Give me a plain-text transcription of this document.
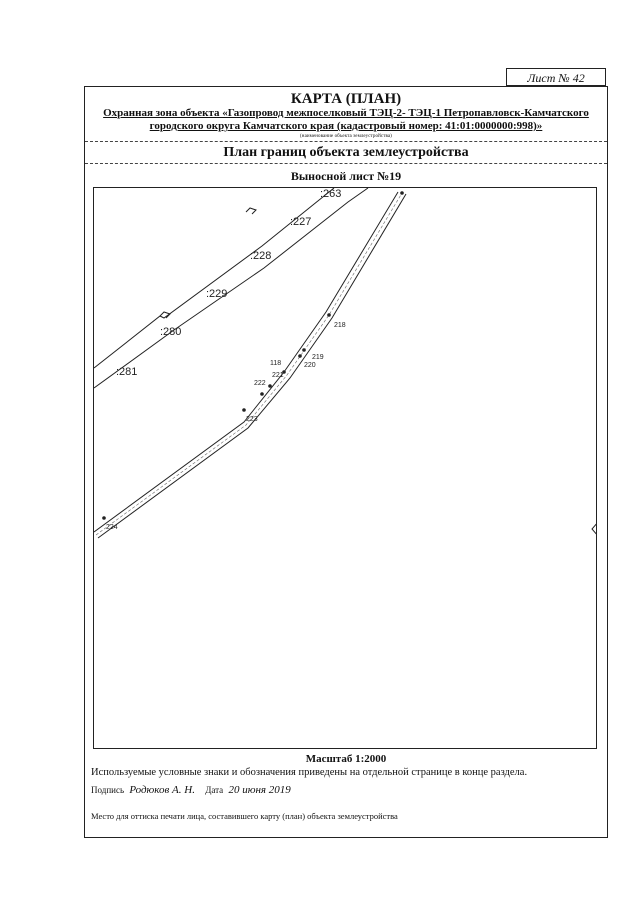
Лист № 42
КАРТА (ПЛАН)
Охранная зона объекта «Газопровод межпоселковый ТЭЦ-2- ТЭЦ-1 Петропавловск-Камчатского
городского округа Камчатского края (кадастровый номер: 41:01:0000000:998)»
(наименование объекта землеустройства)
План границ объекта землеустройства
Выносной лист №19
:263
:227
:228
:229
:280
:281
218
219
220
118
221
222
223
224
Масштаб 1:2000
Используемые условные знаки и обозначения приведены на отдельной странице в конце раздела.
Подпись Родюков А. Н. Дата 20 июня 2019
Место для оттиска печати лица, составившего карту (план) объекта землеустройства
